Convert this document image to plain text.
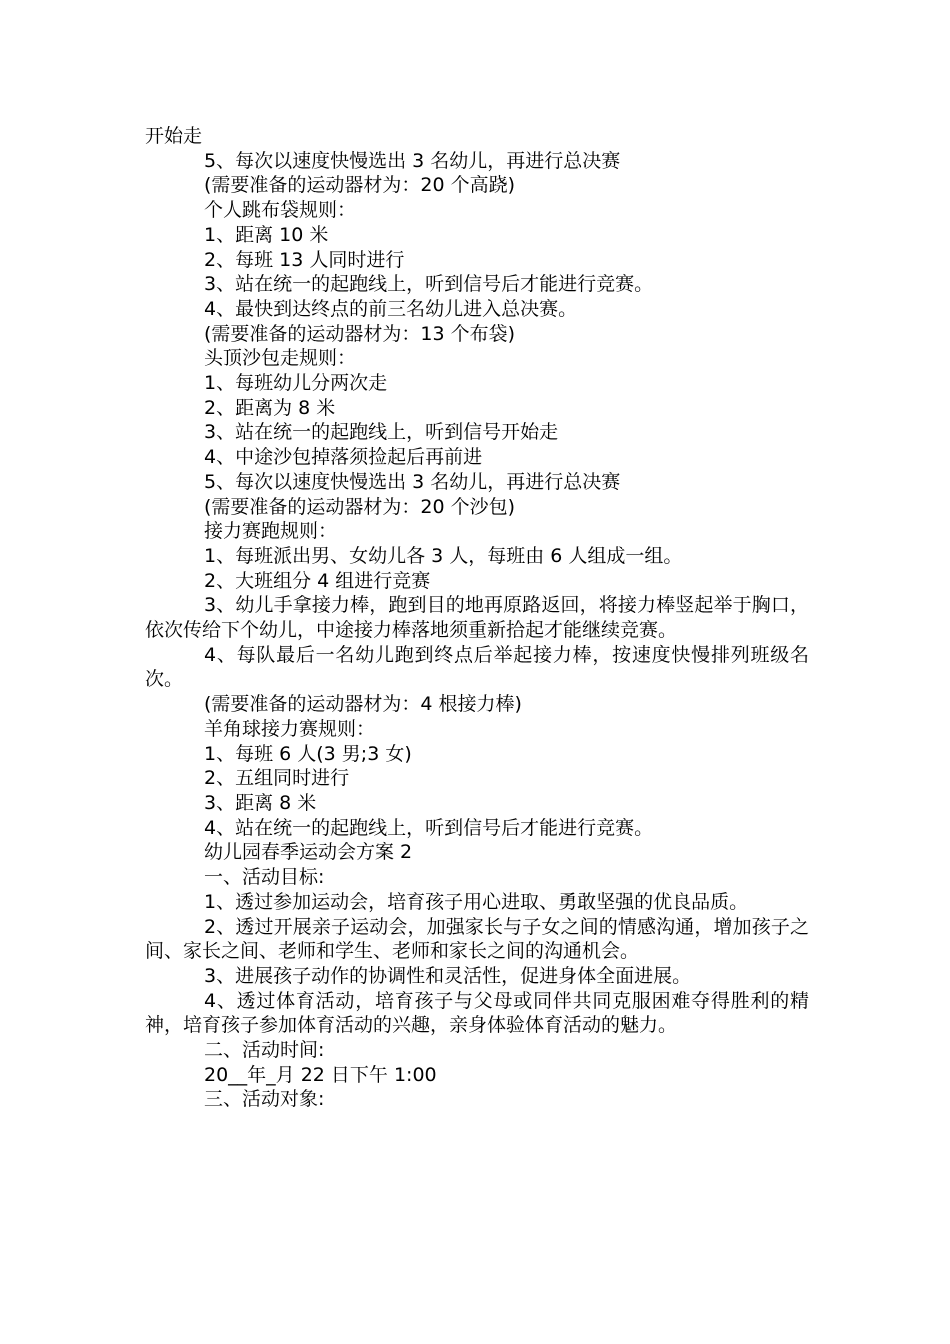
开始走

5、每次以速度快慢选出 3 名幼儿，再进行总决赛

(需要准备的运动器材为：20 个高跷)

个人跳布袋规则：

1、距离 10 米

2、每班 13 人同时进行

3、站在统一的起跑线上，听到信号后才能进行竞赛。

4、最快到达终点的前三名幼儿进入总决赛。

(需要准备的运动器材为：13 个布袋)

头顶沙包走规则：

1、每班幼儿分两次走

2、距离为 8 米

3、站在统一的起跑线上，听到信号开始走

4、中途沙包掉落须捡起后再前进

5、每次以速度快慢选出 3 名幼儿，再进行总决赛

(需要准备的运动器材为：20 个沙包)

接力赛跑规则：

1、每班派出男、女幼儿各 3 人，每班由 6 人组成一组。

2、大班组分 4 组进行竞赛

3、幼儿手拿接力棒，跑到目的地再原路返回，将接力棒竖起举于胸口，依次传给下个幼儿，中途接力棒落地须重新拾起才能继续竞赛。

4、每队最后一名幼儿跑到终点后举起接力棒，按速度快慢排列班级名次。

(需要准备的运动器材为：4 根接力棒)

羊角球接力赛规则：

1、每班 6 人(3 男;3 女)

2、五组同时进行

3、距离 8 米

4、站在统一的起跑线上，听到信号后才能进行竞赛。

幼儿园春季运动会方案 2

一、活动目标:

1、透过参加运动会，培育孩子用心进取、勇敢坚强的优良品质。

2、透过开展亲子运动会，加强家长与子女之间的情感沟通，增加孩子之间、家长之间、老师和学生、老师和家长之间的沟通机会。

3、进展孩子动作的协调性和灵活性，促进身体全面进展。

4、透过体育活动，培育孩子与父母或同伴共同克服困难夺得胜利的精神，培育孩子参加体育活动的兴趣，亲身体验体育活动的魅力。

二、活动时间:

20__年_月 22 日下午 1:00

三、活动对象:
